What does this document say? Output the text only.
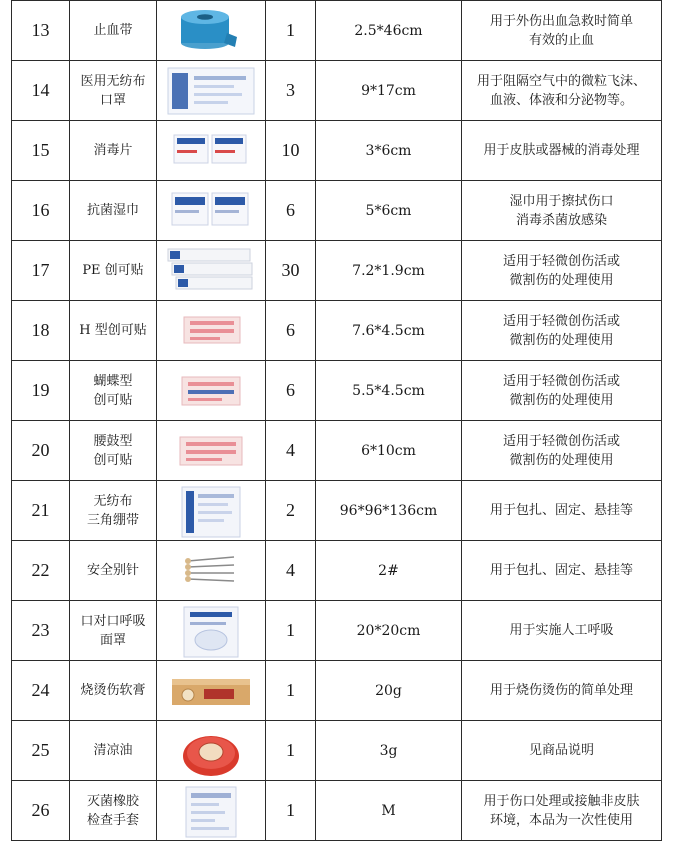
13	止血带		1	2.5*46cm	用于外伤出血急救时简单
有效的止血
14	医用无纺布
口罩		3	9*17cm	用于阻隔空气中的微粒飞沫、
血液、体液和分泌物等。
15	消毒片		10	3*6cm	用于皮肤或器械的消毒处理
16	抗菌湿巾		6	5*6cm	湿巾用于擦拭伤口
消毒杀菌放感染
17	PE 创可贴		30	7.2*1.9cm	适用于轻微创伤活或
微割伤的处理使用
18	H 型创可贴		6	7.6*4.5cm	适用于轻微创伤活或
微割伤的处理使用
19	蝴蝶型
创可贴		6	5.5*4.5cm	适用于轻微创伤活或
微割伤的处理使用
20	腰鼓型
创可贴		4	6*10cm	适用于轻微创伤活或
微割伤的处理使用
21	无纺布
三角绷带		2	96*96*136cm	用于包扎、固定、悬挂等
22	安全别针		4	2#	用于包扎、固定、悬挂等
23	口对口呼吸
面罩		1	20*20cm	用于实施人工呼吸
24	烧烫伤软膏		1	20g	用于烧伤烫伤的简单处理
25	清凉油		1	3g	见商品说明
26	灭菌橡胶
检查手套		1	M	用于伤口处理或接触非皮肤
环境，本品为一次性使用
